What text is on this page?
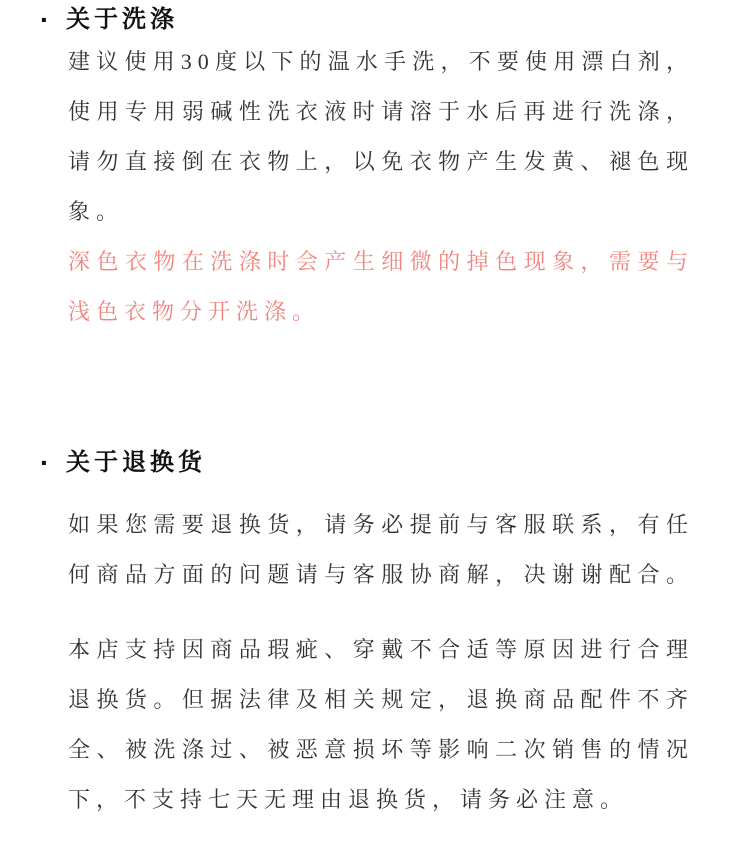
· 关于洗涤
建议使用30度以下的温水手洗，不要使用漂白剂，
使用专用弱碱性洗衣液时请溶于水后再进行洗涤，
请勿直接倒在衣物上，以免衣物产生发黄、褪色现
象。
深色衣物在洗涤时会产生细微的掉色现象，需要与
浅色衣物分开洗涤。
· 关于退换货
如果您需要退换货，请务必提前与客服联系，有任
何商品方面的问题请与客服协商解，决谢谢配合。
本店支持因商品瑕疵、穿戴不合适等原因进行合理
退换货。但据法律及相关规定，退换商品配件不齐
全、被洗涤过、被恶意损坏等影响二次销售的情况
下，不支持七天无理由退换货，请务必注意。
